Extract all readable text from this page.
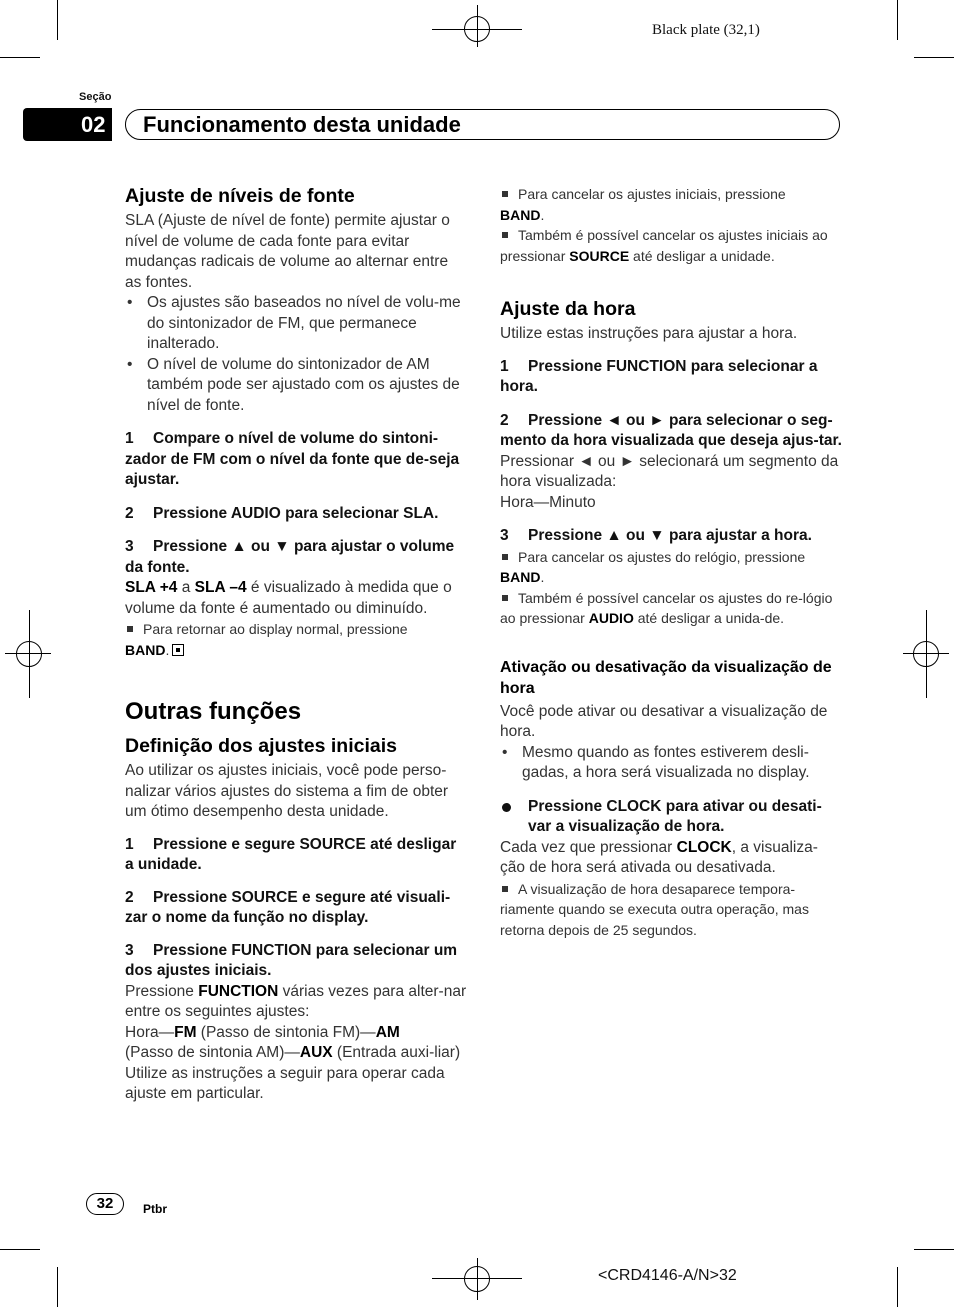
Black plate (32,1)
Seção
02 Funcionamento desta unidade
Ajuste de níveis de fonte

SLA (Ajuste de nível de fonte) permite ajustar o nível de volume de cada fonte para evitar mudanças radicais de volume ao alternar entre as fontes.

• Os ajustes são baseados no nível de volu-me do sintonizador de FM, que permanece inalterado.

• O nível de volume do sintonizador de AM também pode ser ajustado com os ajustes de nível de fonte.

1 Compare o nível de volume do sintoni-zador de FM com o nível da fonte que de-seja ajustar.

2 Pressione AUDIO para selecionar SLA.

3 Pressione ▲ ou ▼ para ajustar o volume da fonte.

SLA +4 a SLA –4 é visualizado à medida que o volume da fonte é aumentado ou diminuído.

Para retornar ao display normal, pressione
BAND.

Outras funções
Definição dos ajustes iniciais

Ao utilizar os ajustes iniciais, você pode perso-nalizar vários ajustes do sistema a fim de obter um ótimo desempenho desta unidade.

1 Pressione e segure SOURCE até desligar a unidade.

2 Pressione SOURCE e segure até visuali-zar o nome da função no display.

3 Pressione FUNCTION para selecionar um dos ajustes iniciais.

Pressione FUNCTION várias vezes para alter-nar entre os seguintes ajustes:

Hora—FM (Passo de sintonia FM)—AM
(Passo de sintonia AM)—AUX (Entrada auxi-liar)

Utilize as instruções a seguir para operar cada ajuste em particular.

Para cancelar os ajustes iniciais, pressione
BAND.

Também é possível cancelar os ajustes iniciais ao pressionar SOURCE até desligar a unidade.

Ajuste da hora

Utilize estas instruções para ajustar a hora.

1 Pressione FUNCTION para selecionar a hora.

2 Pressione ◄ ou ► para selecionar o seg-mento da hora visualizada que deseja ajus-tar.

Pressionar ◄ ou ► selecionará um segmento da hora visualizada:

Hora—Minuto

3 Pressione ▲ ou ▼ para ajustar a hora.

Para cancelar os ajustes do relógio, pressione
BAND.

Também é possível cancelar os ajustes do re-lógio ao pressionar AUDIO até desligar a unida-de.

Ativação ou desativação da visualização de hora

Você pode ativar ou desativar a visualização de hora.

• Mesmo quando as fontes estiverem desli-gadas, a hora será visualizada no display.

Pressione CLOCK para ativar ou desati-var a visualização de hora.

Cada vez que pressionar CLOCK, a visualiza-ção de hora será ativada ou desativada.

A visualização de hora desaparece tempora-riamente quando se executa outra operação, mas retorna depois de 25 segundos.

32	Ptbr
<CRD4146-A/N>32
